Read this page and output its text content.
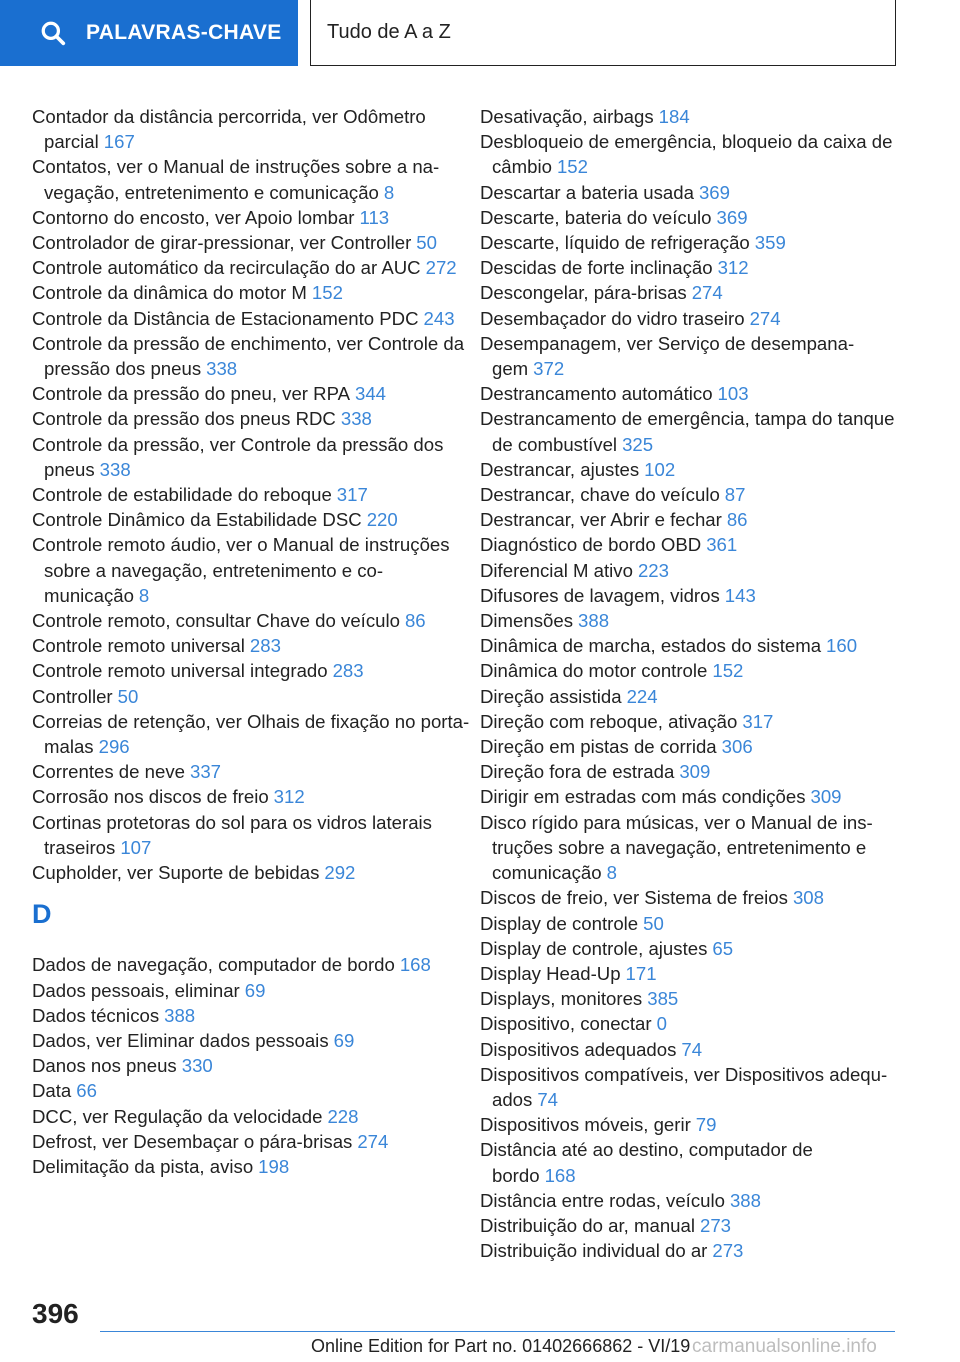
PALAVRAS-CHAVE Tudo de A a Z
Contador da distância percorrida, ver Odômetro parcial 167
Contatos, ver o Manual de instruções sobre a navegação, entretenimento e comunicação 8
Contorno do encosto, ver Apoio lombar 113
Controlador de girar-pressionar, ver Controller 50
Controle automático da recirculação do ar AUC 272
Controle da dinâmica do motor M 152
Controle da Distância de Estacionamento PDC 243
Controle da pressão de enchimento, ver Controle da pressão dos pneus 338
Controle da pressão do pneu, ver RPA 344
Controle da pressão dos pneus RDC 338
Controle da pressão, ver Controle da pressão dos pneus 338
Controle de estabilidade do reboque 317
Controle Dinâmico da Estabilidade DSC 220
Controle remoto áudio, ver o Manual de instruções sobre a navegação, entretenimento e comunicação 8
Controle remoto, consultar Chave do veículo 86
Controle remoto universal 283
Controle remoto universal integrado 283
Controller 50
Correias de retenção, ver Olhais de fixação no porta-malas 296
Correntes de neve 337
Corrosão nos discos de freio 312
Cortinas protetoras do sol para os vidros laterais traseiros 107
Cupholder, ver Suporte de bebidas 292
D
Dados de navegação, computador de bordo 168
Dados pessoais, eliminar 69
Dados técnicos 388
Dados, ver Eliminar dados pessoais 69
Danos nos pneus 330
Data 66
DCC, ver Regulação da velocidade 228
Defrost, ver Desembaçar o pára-brisas 274
Delimitação da pista, aviso 198
Desativação, airbags 184
Desbloqueio de emergência, bloqueio da caixa de câmbio 152
Descartar a bateria usada 369
Descarte, bateria do veículo 369
Descarte, líquido de refrigeração 359
Descidas de forte inclinação 312
Descongelar, pára-brisas 274
Desembaçador do vidro traseiro 274
Desempanagem, ver Serviço de desempanagem 372
Destrancamento automático 103
Destrancamento de emergência, tampa do tanque de combustível 325
Destrancar, ajustes 102
Destrancar, chave do veículo 87
Destrancar, ver Abrir e fechar 86
Diagnóstico de bordo OBD 361
Diferencial M ativo 223
Difusores de lavagem, vidros 143
Dimensões 388
Dinâmica de marcha, estados do sistema 160
Dinâmica do motor controle 152
Direção assistida 224
Direção com reboque, ativação 317
Direção em pistas de corrida 306
Direção fora de estrada 309
Dirigir em estradas com más condições 309
Disco rígido para músicas, ver o Manual de instruções sobre a navegação, entretenimento e comunicação 8
Discos de freio, ver Sistema de freios 308
Display de controle 50
Display de controle, ajustes 65
Display Head-Up 171
Displays, monitores 385
Dispositivo, conectar 0
Dispositivos adequados 74
Dispositivos compatíveis, ver Dispositivos adequados 74
Dispositivos móveis, gerir 79
Distância até ao destino, computador de bordo 168
Distância entre rodas, veículo 388
Distribuição do ar, manual 273
Distribuição individual do ar 273
396
Online Edition for Part no. 01402666862 - VI/19 carmanualsonline.info
